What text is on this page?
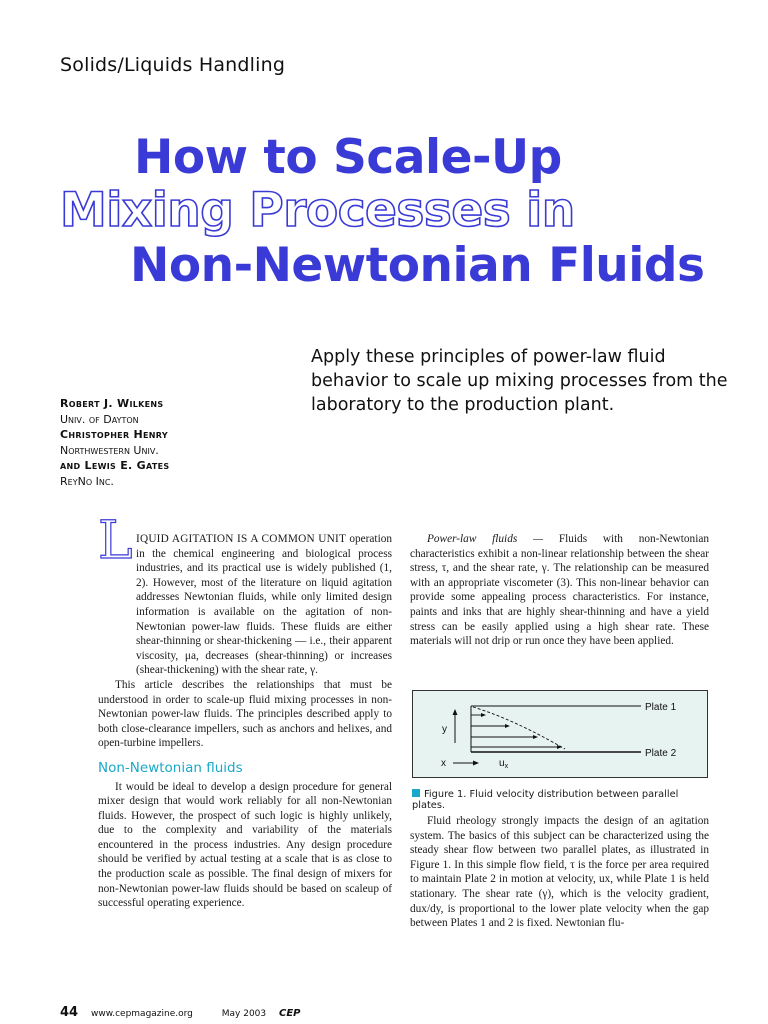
Solids/Liquids Handling
How to Scale-Up
Mixing Processes in
Non-Newtonian Fluids
Apply these principles of power-law fluid behavior to scale up mixing processes from the laboratory to the production plant.
Robert J. Wilkens
Univ. of Dayton
Christopher Henry
Northwestern Univ.
and Lewis E. Gates
ReyNo Inc.
L IQUID AGITATION IS A COMMON UNIT operation in the chemical engineering and biological process industries, and its practical use is widely published (1, 2). However, most of the literature on liquid agitation addresses Newtonian fluids, while only limited design information is available on the agitation of non-Newtonian power-law fluids. These fluids are either shear-thinning or shear-thickening — i.e., their apparent viscosity, μa, decreases (shear-thinning) or increases (shear-thickening) with the shear rate, γ.

This article describes the relationships that must be understood in order to scale-up fluid mixing processes in non-Newtonian power-law fluids. The principles described apply to both close-clearance impellers, such as anchors and helixes, and open-turbine impellers.

Non-Newtonian fluids

It would be ideal to develop a design procedure for general mixer design that would work reliably for all non-Newtonian fluids. However, the prospect of such logic is highly unlikely, due to the complexity and variability of the materials encountered in the process industries. Any design procedure should be verified by actual testing at a scale that is as close to the production scale as possible. The final design of mixers for non-Newtonian power-law fluids should be based on scaleup of successful operating experience.

Power-law fluids — Fluids with non-Newtonian characteristics exhibit a non-linear relationship between the shear stress, τ, and the shear rate, γ. The relationship can be measured with an appropriate viscometer (3). This non-linear behavior can provide some appealing process characteristics. For instance, paints and inks that are highly shear-thinning and have a yield stress can be easily applied using a high shear rate. These materials will not drip or run once they have been applied.

Plate 1
Plate 2
y
x	$u_x$
Figure 1. Fluid velocity distribution between parallel plates.

Fluid rheology strongly impacts the design of an agitation system. The basics of this subject can be characterized using the steady shear flow between two parallel plates, as illustrated in Figure 1. In this simple flow field, τ is the force per area required to maintain Plate 2 in motion at velocity, ux, while Plate 1 is held stationary. The shear rate (γ), which is the velocity gradient, dux/dy, is proportional to the lower plate velocity when the gap between Plates 1 and 2 is fixed. Newtonian flu-

44 www.cepmagazine.org	May 2003 CEP
